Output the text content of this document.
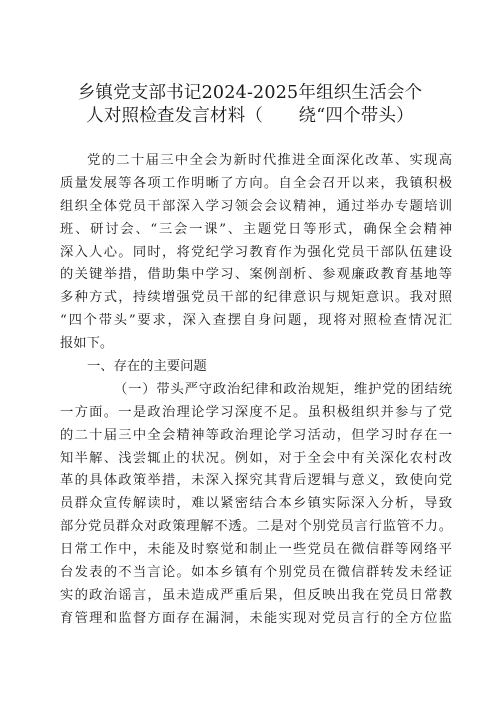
乡镇党支部书记2024-2025年组织生活会个
人对照检查发言材料（　　绕“四个带头）
党的二十届三中全会为新时代推进全面深化改革、实现高
质量发展等各项工作明晰了方向。自全会召开以来，我镇积极
组织全体党员干部深入学习领会会议精神，通过举办专题培训
班、研讨会、“三会一课”、主题党日等形式，确保全会精神
深入人心。同时，将党纪学习教育作为强化党员干部队伍建设
的关键举措，借助集中学习、案例剖析、参观廉政教育基地等
多种方式，持续增强党员干部的纪律意识与规矩意识。我对照
“四个带头”要求，深入查摆自身问题，现将对照检查情况汇
报如下。
一、存在的主要问题
（一）带头严守政治纪律和政治规矩，维护党的团结统
一方面。一是政治理论学习深度不足。虽积极组织并参与了党
的二十届三中全会精神等政治理论学习活动，但学习时存在一
知半解、浅尝辄止的状况。例如，对于全会中有关深化农村改
革的具体政策举措，未深入探究其背后逻辑与意义，致使向党
员群众宣传解读时，难以紧密结合本乡镇实际深入分析，导致
部分党员群众对政策理解不透。二是对个别党员言行监管不力。
日常工作中，未能及时察觉和制止一些党员在微信群等网络平
台发表的不当言论。如本乡镇有个别党员在微信群转发未经证
实的政治谣言，虽未造成严重后果，但反映出我在党员日常教
育管理和监督方面存在漏洞，未能实现对党员言行的全方位监
